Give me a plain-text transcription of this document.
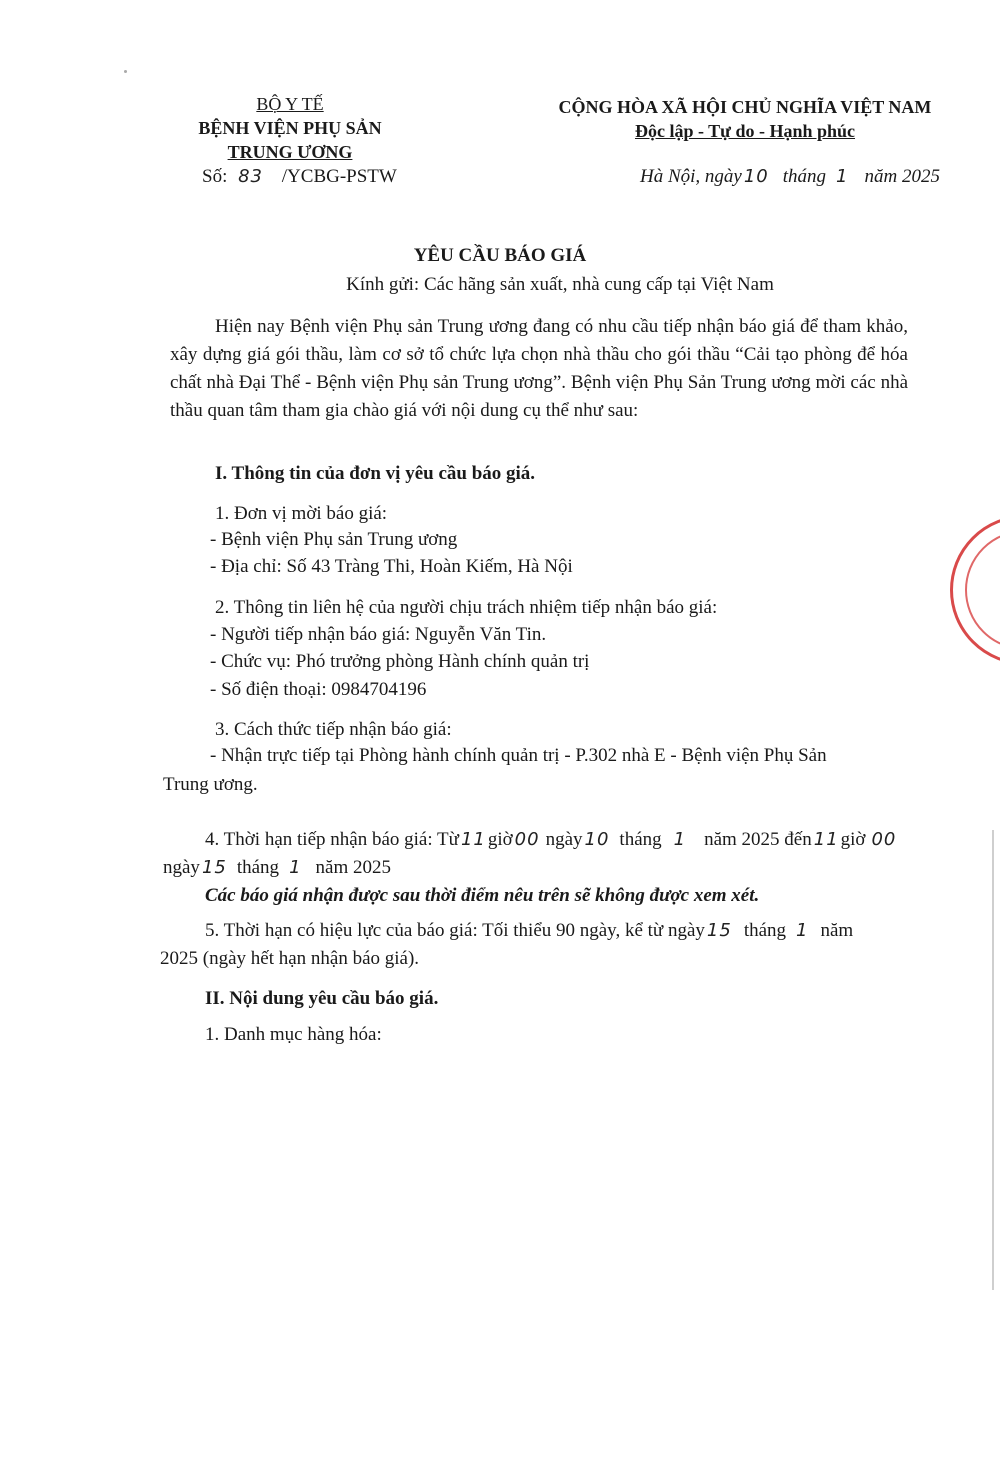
BỘ Y TẾ
BỆNH VIỆN PHỤ SẢN
TRUNG ƯƠNG
Số: 83 /YCBG-PSTW
CỘNG HÒA XÃ HỘI CHỦ NGHĨA VIỆT NAM
Độc lập - Tự do - Hạnh phúc
Hà Nội, ngày 10 tháng 1 năm 2025
YÊU CẦU BÁO GIÁ
Kính gửi: Các hãng sản xuất, nhà cung cấp tại Việt Nam
Hiện nay Bệnh viện Phụ sản Trung ương đang có nhu cầu tiếp nhận báo giá để tham khảo, xây dựng giá gói thầu, làm cơ sở tổ chức lựa chọn nhà thầu cho gói thầu “Cải tạo phòng để hóa chất nhà Đại Thể - Bệnh viện Phụ sản Trung ương”. Bệnh viện Phụ Sản Trung ương mời các nhà thầu quan tâm tham gia chào giá với nội dung cụ thể như sau:
I. Thông tin của đơn vị yêu cầu báo giá.
1. Đơn vị mời báo giá:
- Bệnh viện Phụ sản Trung ương
- Địa chỉ: Số 43 Tràng Thi, Hoàn Kiếm, Hà Nội
2. Thông tin liên hệ của người chịu trách nhiệm tiếp nhận báo giá:
- Người tiếp nhận báo giá: Nguyễn Văn Tin.
- Chức vụ: Phó trưởng phòng Hành chính quản trị
- Số điện thoại: 0984704196
3. Cách thức tiếp nhận báo giá:
- Nhận trực tiếp tại Phòng hành chính quản trị - P.302 nhà E - Bệnh viện Phụ Sản
Trung ương.
4. Thời hạn tiếp nhận báo giá: Từ 11 giờ 00 ngày 10 tháng 1 năm 2025 đến 11 giờ 00
ngày 15 tháng 1 năm 2025
Các báo giá nhận được sau thời điểm nêu trên sẽ không được xem xét.
5. Thời hạn có hiệu lực của báo giá: Tối thiểu 90 ngày, kể từ ngày 15 tháng 1 năm
2025 (ngày hết hạn nhận báo giá).
II. Nội dung yêu cầu báo giá.
1. Danh mục hàng hóa:
